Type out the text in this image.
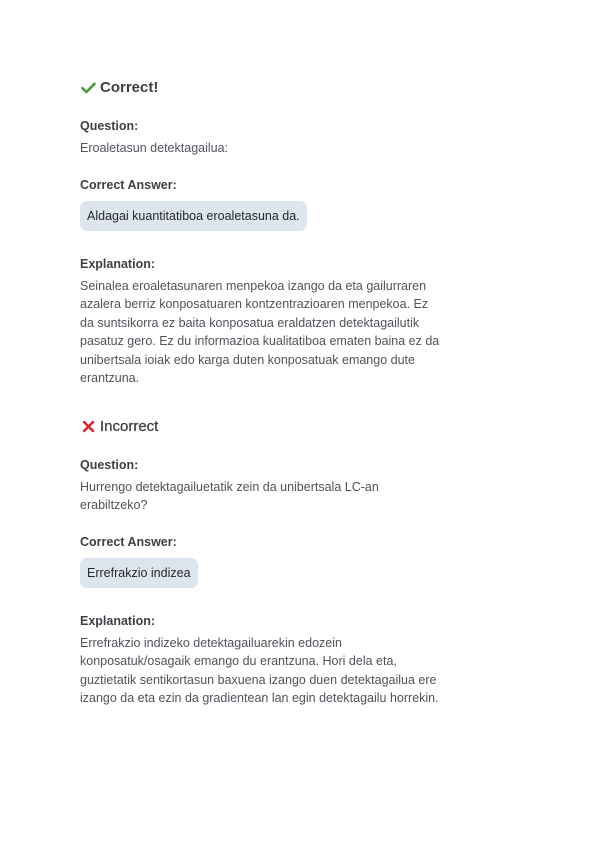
Correct!
Question:

Eroaletasun detektagailua:

Correct Answer:
Aldagai kuantitatiboa eroaletasuna da.
Explanation:

Seinalea eroaletasunaren menpekoa izango da eta gailurraren azalera berriz konposatuaren kontzentrazioaren menpekoa. Ez da suntsikorra ez baita konposatua eraldatzen detektagailutik pasatuz gero. Ez du informazioa kualitatiboa ematen baina ez da unibertsala ioiak edo karga duten konposatuak emango dute erantzuna.

Incorrect
Question:

Hurrengo detektagailuetatik zein da unibertsala LC-an erabiltzeko?

Correct Answer:
Errefrakzio indizea
Explanation:

Errefrakzio indizeko detektagailuarekin edozein konposatuk/osagaik emango du erantzuna. Hori dela eta, guztietatik sentikortasun baxuena izango duen detektagailua ere izango da eta ezin da gradientean lan egin detektagailu horrekin.
